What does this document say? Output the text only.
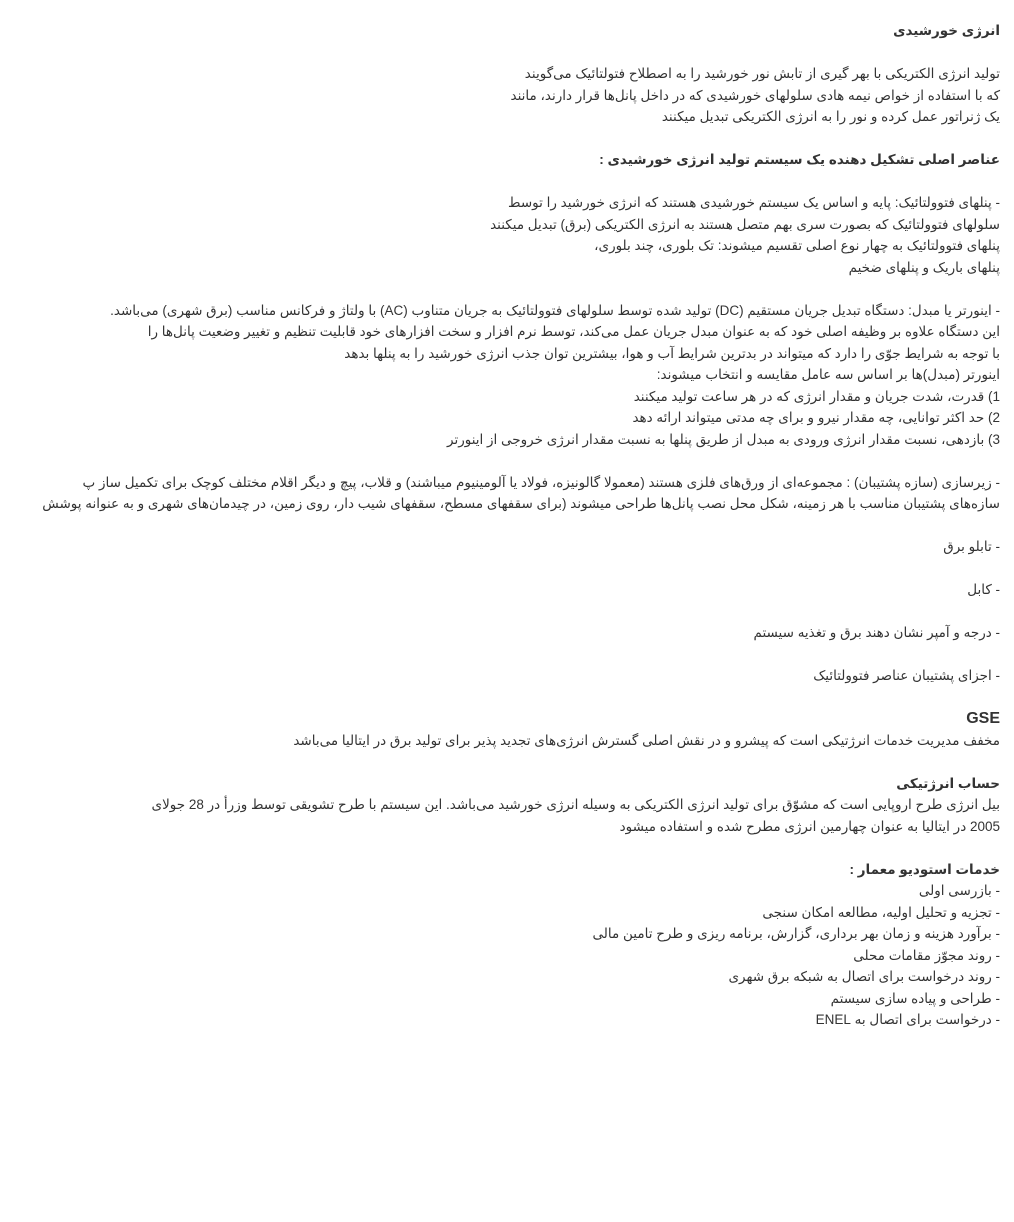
انرژی خورشیدی
تولید انرژی الکتریکی با بهر گیری از تابش نور خورشید را به اصطلاح فتولتائیک می‌گویند
که با استفاده از خواص نیمه هادی سلولهای خورشیدی که در داخل پانل‌ها قرار دارند، مانند
یک ژنراتور عمل کرده و نور را به انرژی الکتریکی تبدیل میکنند
عناصر اصلی تشکیل دهنده یک سیستم تولید انرژی خورشیدی :
- پنلهای فتوولتائیک: پایه و اساس یک سیستم خورشیدی هستند که انرژی خورشید را توسط
سلولهای فتوولتائیک که بصورت سری بهم متصل هستند به انرژی الکتریکی (برق) تبدیل میکنند
پنلهای فتوولتائیک به چهار نوع اصلی تقسیم میشوند: تک بلوری، چند بلوری،
پنلهای باریک و پنلهای ضخیم
- اینورتر یا مبدل: دستگاه تبدیل جریان مستقیم (DC) تولید شده توسط سلولهای فتوولتائیک به جریان متناوب (AC) با ولتاژ و فرکانس مناسب (برق شهری) می‌باشد.
این دستگاه علاوه بر وظیفه اصلی خود که به عنوان مبدل جریان عمل می‌کند، توسط نرم افزار و سخت افزارهای خود قابلیت تنظیم و تغییر وضعیت پانل‌ها را
با توجه به شرایط جوّی را دارد که میتواند در بدترین شرایط آب و هوا، بیشترین توان جذب انرژی خورشید را به پنلها بدهد
اینورتر (مبدل)ها بر اساس سه عامل مقایسه و انتخاب میشوند:
1) قدرت، شدت جریان و مقدار انرژی که در هر ساعت تولید میکنند
2) حد اکثر توانایی، چه مقدار نیرو و برای چه مدتی میتواند ارائه دهد
3) بازدهی، نسبت مقدار انرژی ورودی به مبدل از طریق پنلها به نسبت مقدار انرژی خروجی از اینورتر
- زیرسازی (سازه پشتیبان) : مجموعه‌ای از ورق‌های فلزی هستند (معمولا گالونیزه، فولاد یا آلومینیوم میباشند) و قلاب، پیچ و دیگر اقلام مختلف کوچک برای تکمیل ساز پ
سازه‌های پشتیبان مناسب با هر زمینه، شکل محل نصب پانل‌ها طراحی میشوند (برای سقفهای مسطح، سقفهای شیب دار، روی زمین، در چیدمان‌های شهری و به عنوانه پوشش
- تابلو برق
- کابل
- درجه و آمپر نشان دهند برق و تغذیه سیستم
- اجزای پشتیبان عناصر فتوولتائیک
GSE
مخفف مدیریت خدمات انرژتیکی است که پیشرو و در نقش اصلی گسترش انرژی‌های تجدید پذیر برای تولید برق در ایتالیا می‌باشد
حساب انرژتیکی
بیل انرژی طرح اروپایی است که مشوّق برای تولید انرژی الکتریکی به وسیله انرژی خورشید می‌باشد. این سیستم با طرح تشویقی توسط وزرأ در 28 جولای
2005 در ایتالیا به عنوان چهارمین انرژی مطرح شده و استفاده میشود
خدمات استودیو معمار :
- بازرسی اولی
- تجزیه و تحلیل اولیه، مطالعه امکان سنجی
- برآورد هزینه و زمان بهر برداری، گزارش، برنامه ریزی و طرح تامین مالی
- روند مجوّز مقامات محلی
- روند درخواست برای اتصال به شبکه برق شهری
- طراحی و پیاده سازی سیستم
- درخواست برای اتصال به ENEL
